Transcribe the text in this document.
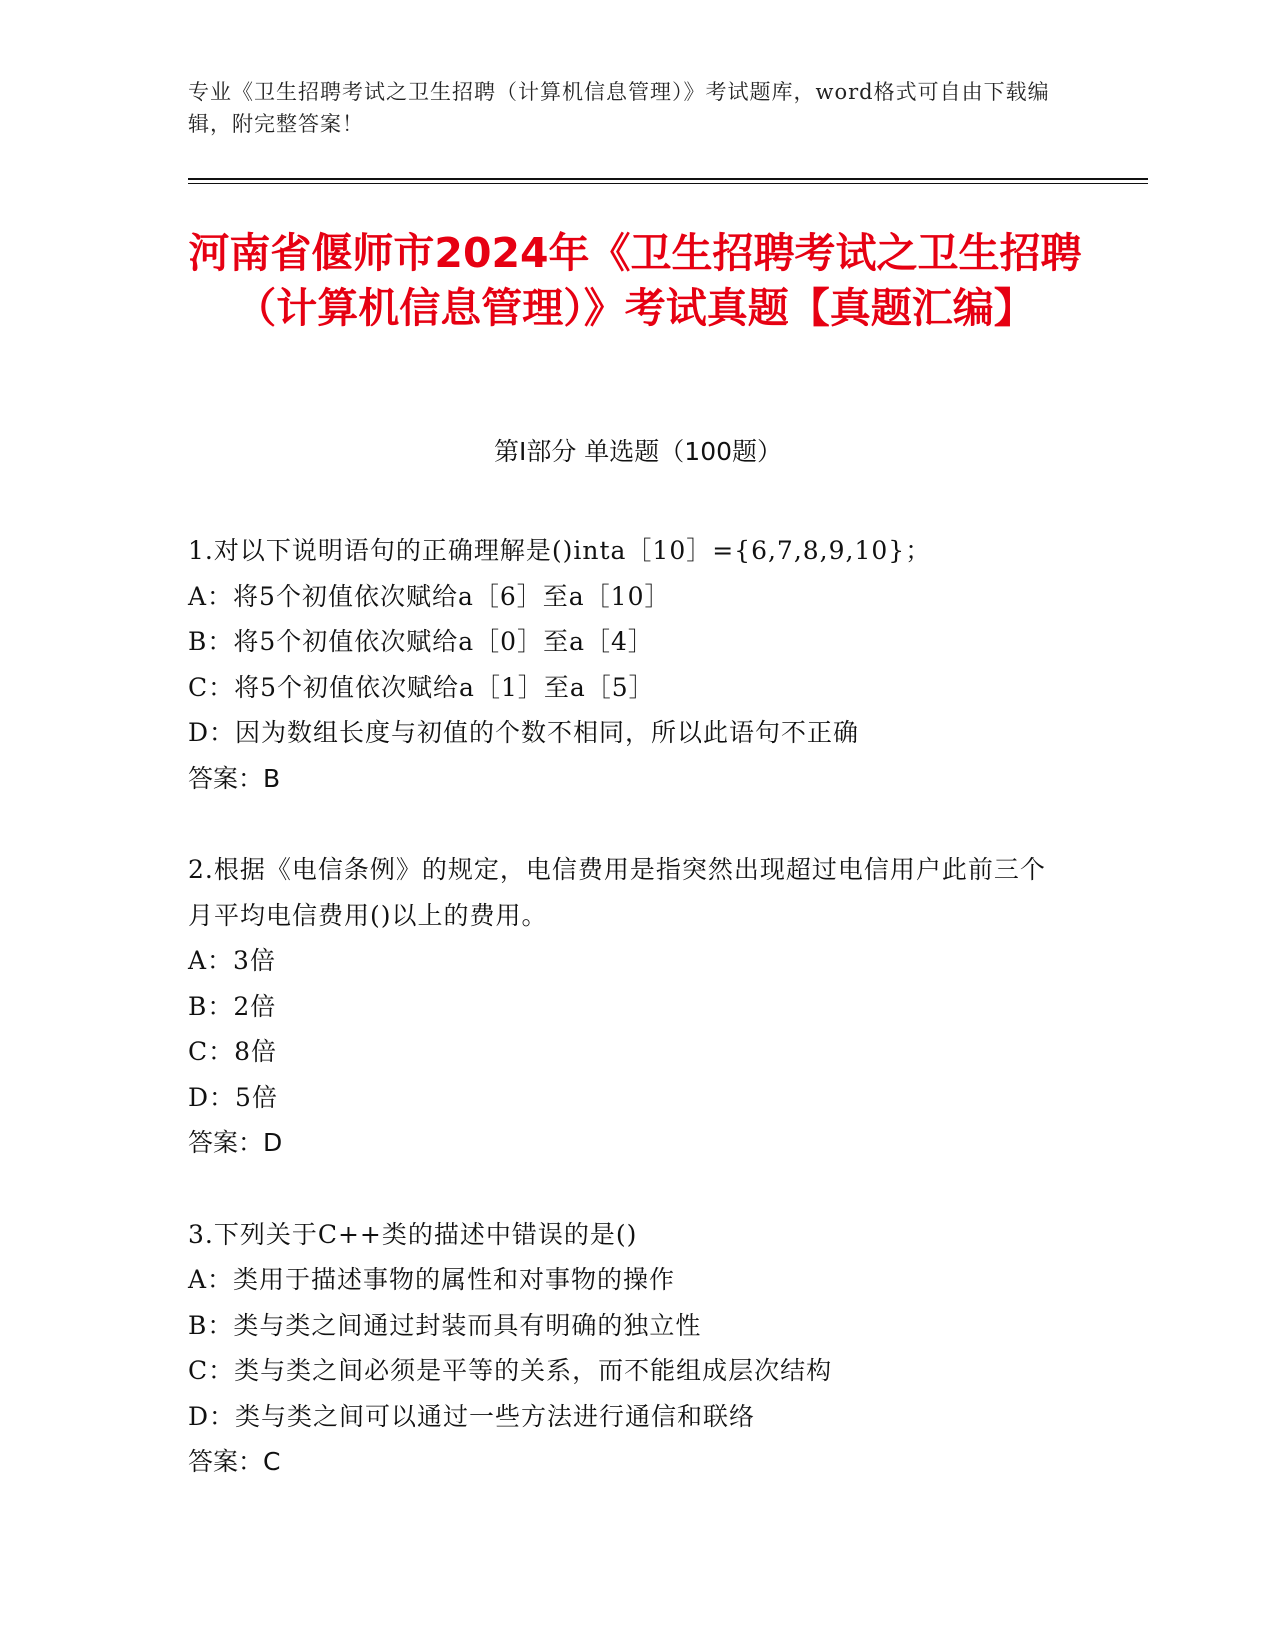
专业《卫生招聘考试之卫生招聘（计算机信息管理）》考试题库，word格式可自由下载编辑，附完整答案！
河南省偃师市2024年《卫生招聘考试之卫生招聘（计算机信息管理）》考试真题【真题汇编】
第I部分 单选题（100题）
1.对以下说明语句的正确理解是()inta［10］={6,7,8,9,10}；
A：将5个初值依次赋给a［6］至a［10］
B：将5个初值依次赋给a［0］至a［4］
C：将5个初值依次赋给a［1］至a［5］
D：因为数组长度与初值的个数不相同，所以此语句不正确
答案：B
2.根据《电信条例》的规定，电信费用是指突然出现超过电信用户此前三个月平均电信费用()以上的费用。
A：3倍
B：2倍
C：8倍
D：5倍
答案：D
3.下列关于C++类的描述中错误的是()
A：类用于描述事物的属性和对事物的操作
B：类与类之间通过封装而具有明确的独立性
C：类与类之间必须是平等的关系，而不能组成层次结构
D：类与类之间可以通过一些方法进行通信和联络
答案：C
